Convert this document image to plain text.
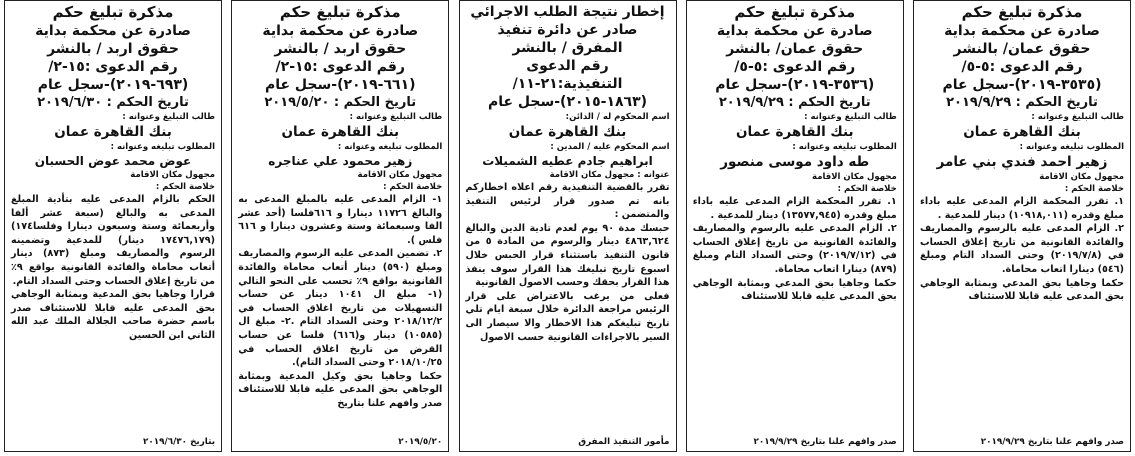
مذكرة تبليغ حكم
صادرة عن محكمة بداية
حقوق عمان/ بالنشر
رقم الدعوى :٥-٥/
(٣٥٣٥-٢٠١٩)-سجل عام
تاريخ الحكم : ٢٠١٩/٩/٢٩
طالب التبليغ وعنوانه :
بنك القاهرة عمان
المطلوب تبليغه وعنوانه :
زهير احمد فندي بني عامر
مجهول مكان الاقامة
خلاصة الحكم :
١. تقرر المحكمة الزام المدعى عليه باداء مبلغ وقدره (١٠٩١٨,٠١١) دينار للمدعية .
٢. الزام المدعى عليه بالرسوم والمصاريف والفائدة القانونية من تاريخ إغلاق الحساب في (٢٠١٩/٧/٨) وحتى السداد التام ومبلغ (٥٤٦) دينارا اتعاب محاماة.
حكما وجاهيا بحق المدعي وبمثابة الوجاهي بحق المدعى عليه قابلا للاستئناف
صدر وافهم علنا بتاريخ ٢٠١٩/٩/٢٩
مذكرة تبليغ حكم
صادرة عن محكمة بداية
حقوق عمان/ بالنشر
رقم الدعوى :٥-٥/
(٣٥٣٦-٢٠١٩)-سجل عام
تاريخ الحكم : ٢٠١٩/٩/٢٩
طالب التبليغ وعنوانه :
بنك القاهرة عمان
المطلوب تبليغه وعنوانه :
طه داود موسى منصور
مجهول مكان الاقامة
خلاصة الحكم :
١. تقرر المحكمة الزام المدعى عليه باداء مبلغ وقدره (١٣٥٧٧,٩٤٥) دينار للمدعية .
٢. الزام المدعى عليه بالرسوم والمصاريف والفائدة القانونية من تاريخ إغلاق الحساب في (٢٠١٩/٧/١٢) وحتى السداد التام ومبلغ (٨٧٩) دينارا اتعاب محاماة.
حكما وجاهيا بحق المدعي وبمثابة الوجاهي بحق المدعى عليه قابلا للاستئناف
صدر وافهم علنا بتاريخ ٢٠١٩/٩/٢٩
إخطار نتيجة الطلب الاجرائي
صادر عن دائرة تنفيذ
المفرق / بالنشر
رقم الدعوى
التنفيذية:٢١-١١/
(١٨٦٣-٢٠١٥)-سجل عام
اسم المحكوم له / الدائن:
بنك القاهرة عمان
اسم المحكوم عليه / المدين :
ابراهيم جادم عطيه الشميلات
عنوانه : مجهول مكان الاقامة
تقرر بالقضية التنفيذية رقم اعلاه اخطاركم بانه تم صدور قرار لرئيس التنفيذ والمتضمن :
حبسك مدة ٩٠ يوم لعدم تادية الدين والبالغ ٤٨٦٣,٦٢٤ دينار والرسوم من المادة ٥ من قانون التنفيذ باستثناء قرار الحبس خلال اسبوع تاريخ تبليغك هذا القرار سوف ينفذ هذا القرار بحقك وحسب الاصول القانونية
فعلى من يرغب بالاعتراض على قرار الرئيس مراجعة الدائرة خلال سبعة ايام تلي تاريخ تبليغكم هذا الاخطار والا سيصار الى السير بالاجراءات القانونية حسب الاصول
مأمور التنفيذ المفرق
مذكرة تبليغ حكم
صادرة عن محكمة بداية
حقوق اربد / بالنشر
رقم الدعوى :١٥-٢/
(٦٦١-٢٠١٩)-سجل عام
تاريخ الحكم : ٢٠١٩/٥/٢٠
طالب التبليغ وعنوانه :
بنك القاهرة عمان
المطلوب تبليغه وعنوانه :
زهير محمود علي عناجره
مجهول مكان الاقامة
خلاصة الحكم :
١- الزام المدعى عليه بالمبلغ المدعى به والبالغ ١١٧٢٦ دينارا و ٦١٦فلسا (أحد عشر الفا وسبعمائة وستة وعشرون دينارا و ٦١٦ فلس ).
٢. تضمين المدعى عليه الرسوم والمصاريف ومبلغ (٥٩٠) دينار أتعاب محاماة والفائدة القانونية بواقع ٩٪ تحسب على النحو التالي (١- مبلغ ال ١٠٤١ دينار عن حساب التسهيلات من تاريخ اغلاق الحساب في ٢٠١٨/١٢/٢ وحتى السداد التام .٢- مبلغ ال (١٠٥٨٥) دينار و(٦١٦) فلسا عن حساب القرض من تاريخ اغلاق الحساب في ٢٠١٨/١٠/٢٥ وحتى السداد التام).
حكما وجاهيا بحق وكيل المدعية وبمثابة الوجاهي بحق المدعى عليه قابلا للاستئناف صدر وافهم علنا بتاريخ
٢٠١٩/٥/٢٠
مذكرة تبليغ حكم
صادرة عن محكمة بداية
حقوق اربد / بالنشر
رقم الدعوى :١٥-٢/
(٦٩٣-٢٠١٩)-سجل عام
تاريخ الحكم : ٢٠١٩/٦/٣٠
طالب التبليغ وعنوانه :
بنك القاهرة عمان
المطلوب تبليغه وعنوانه :
عوض محمد عوض الحسبان
مجهول مكان الاقامة
خلاصة الحكم :
الحكم بالزام المدعى عليه بتأدية المبلغ المدعى به والبالغ (سبعة عشر ألفا وأربعمائة وستة وسبعون دينارا وفلسا١٧٤) (١٧٤٧٦,١٧٩ دينار) للمدعية وتضمينه الرسوم والمصاريف ومبلغ (٨٧٣) دينار أتعاب محاماة والفائدة القانونية بواقع ٩٪ من تاريخ إغلاق الحساب وحتى السداد التام.
قرارا وجاهيا بحق المدعية وبمثابة الوجاهي بحق المدعى عليه قابلا للاستئناف صدر باسم حضرة صاحب الجلالة الملك عبد الله الثاني ابن الحسين
بتاريخ ٢٠١٩/٦/٣٠
